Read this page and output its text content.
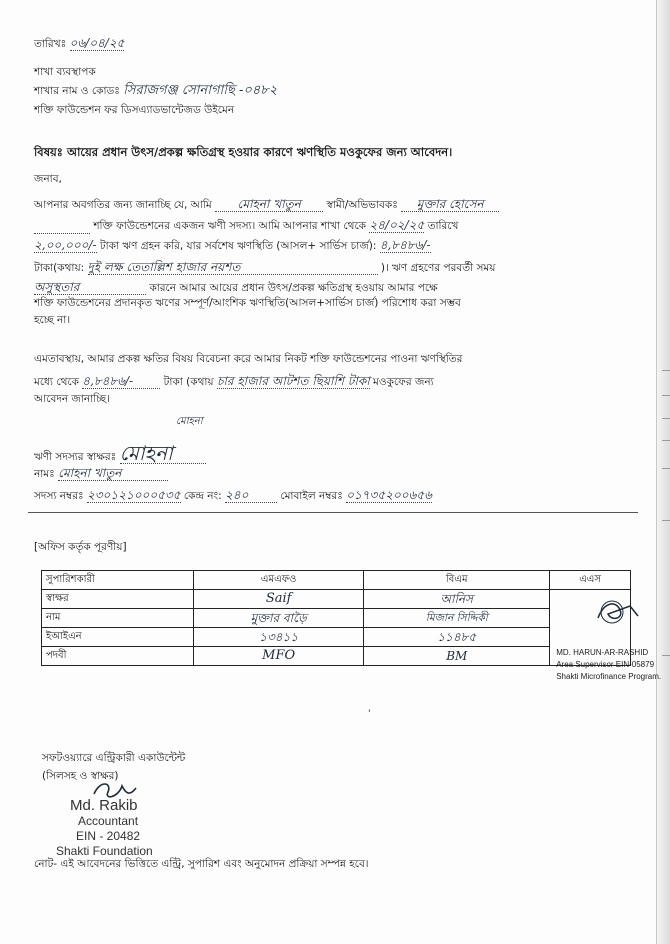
তারিখঃ ০৬/০৪/২৫
শাখা ব্যবস্থাপক
শাখার নাম ও কোডঃ সিরাজগঞ্জ সোনাগাছি -০৪৮২
শক্তি ফাউন্ডেশন ফর ডিসএ্যাডভান্টেজড উইমেন
বিষয়ঃ আয়ের প্রধান উৎস/প্রকল্প ক্ষতিগ্রস্থ হওয়ার কারণে ঋণস্থিতি মওকুফের জন্য আবেদন।
জনাব,
আপনার অবগতির জন্য জানাচ্ছি যে, আমি মোহনা খাতুন স্বামী/অভিভাবকঃ মুক্তার হোসেন
শক্তি ফাউন্ডেশনের একজন ঋণী সদস্য। আমি আপনার শাখা থেকে ২৪/০২/২৫ তারিখে
২,০০,০০০/- টাকা ঋণ গ্রহন করি, যার সর্বশেষ ঋণস্থিতি (আসল+ সার্ভিস চার্জ): ৪,৮৪৮৬/-
টাকা(কথায়: দুই লক্ষ তেতাল্লিশ হাজার নয়শত	)। ঋণ গ্রহণের পরবর্তী সময়
অসুস্থতার	কারনে আমার আয়ের প্রধান উৎস/প্রকল্প ক্ষতিগ্রস্থ হওয়ায় আমার পক্ষে
শক্তি ফাউন্ডেশনের প্রদানকৃত ঋণের সম্পূর্ণ/আংশিক ঋণস্থিতি(আসল+সার্ভিস চার্জ) পরিশোধ করা সম্ভব
হচ্ছে না।
এমতাবস্থায়, আমার প্রকল্প ক্ষতির বিষয় বিবেচনা করে আমার নিকট শক্তি ফাউন্ডেশনের পাওনা ঋণস্থিতির
মধ্যে থেকে ৪,৮৪৮৬/-	টাকা (কথায় চার হাজার আটশত ছিয়াশি টাকা মওকুফের জন্য
আবেদন জানাচ্ছি।
মোহনা
ঋণী সদস্যর স্বাক্ষরঃ মোহনা
নামঃ মোহনা খাতুন
সদস্য নম্বরঃ ২৩০১২১০০০৫৩৫ কেন্দ্র নং: ২৪০	মোবাইল নম্বরঃ ০১৭৩৫২০০৬৫৬
[অফিস কর্তৃক পূরণীয়]
সুপারিশকারী	এমএফও	বিএম	এএস
স্বাক্ষর	Saif	আনিস	MD. HARUN-AR-RASHID
Area Supervisor EIN-05879
Shakti Microfinance Program.

নাম	মুক্তার বাড়ৈ	মিজান সিদ্দিকী	
ইআইএন	১৩৪১১	১১৪৮৫	
পদবী	MFO	BM	
‘
সফটওয়্যারে এন্ট্রিকারী একাউন্টেন্ট
(সিলসহ ও স্বাক্ষর)
Md. Rakib
Accountant
EIN - 20482
Shakti Foundation
নোট- এই আবেদনের ভিত্তিতে এন্ট্রি, সুপারিশ এবং অনুমোদন প্রক্রিয়া সম্পন্ন হবে।
